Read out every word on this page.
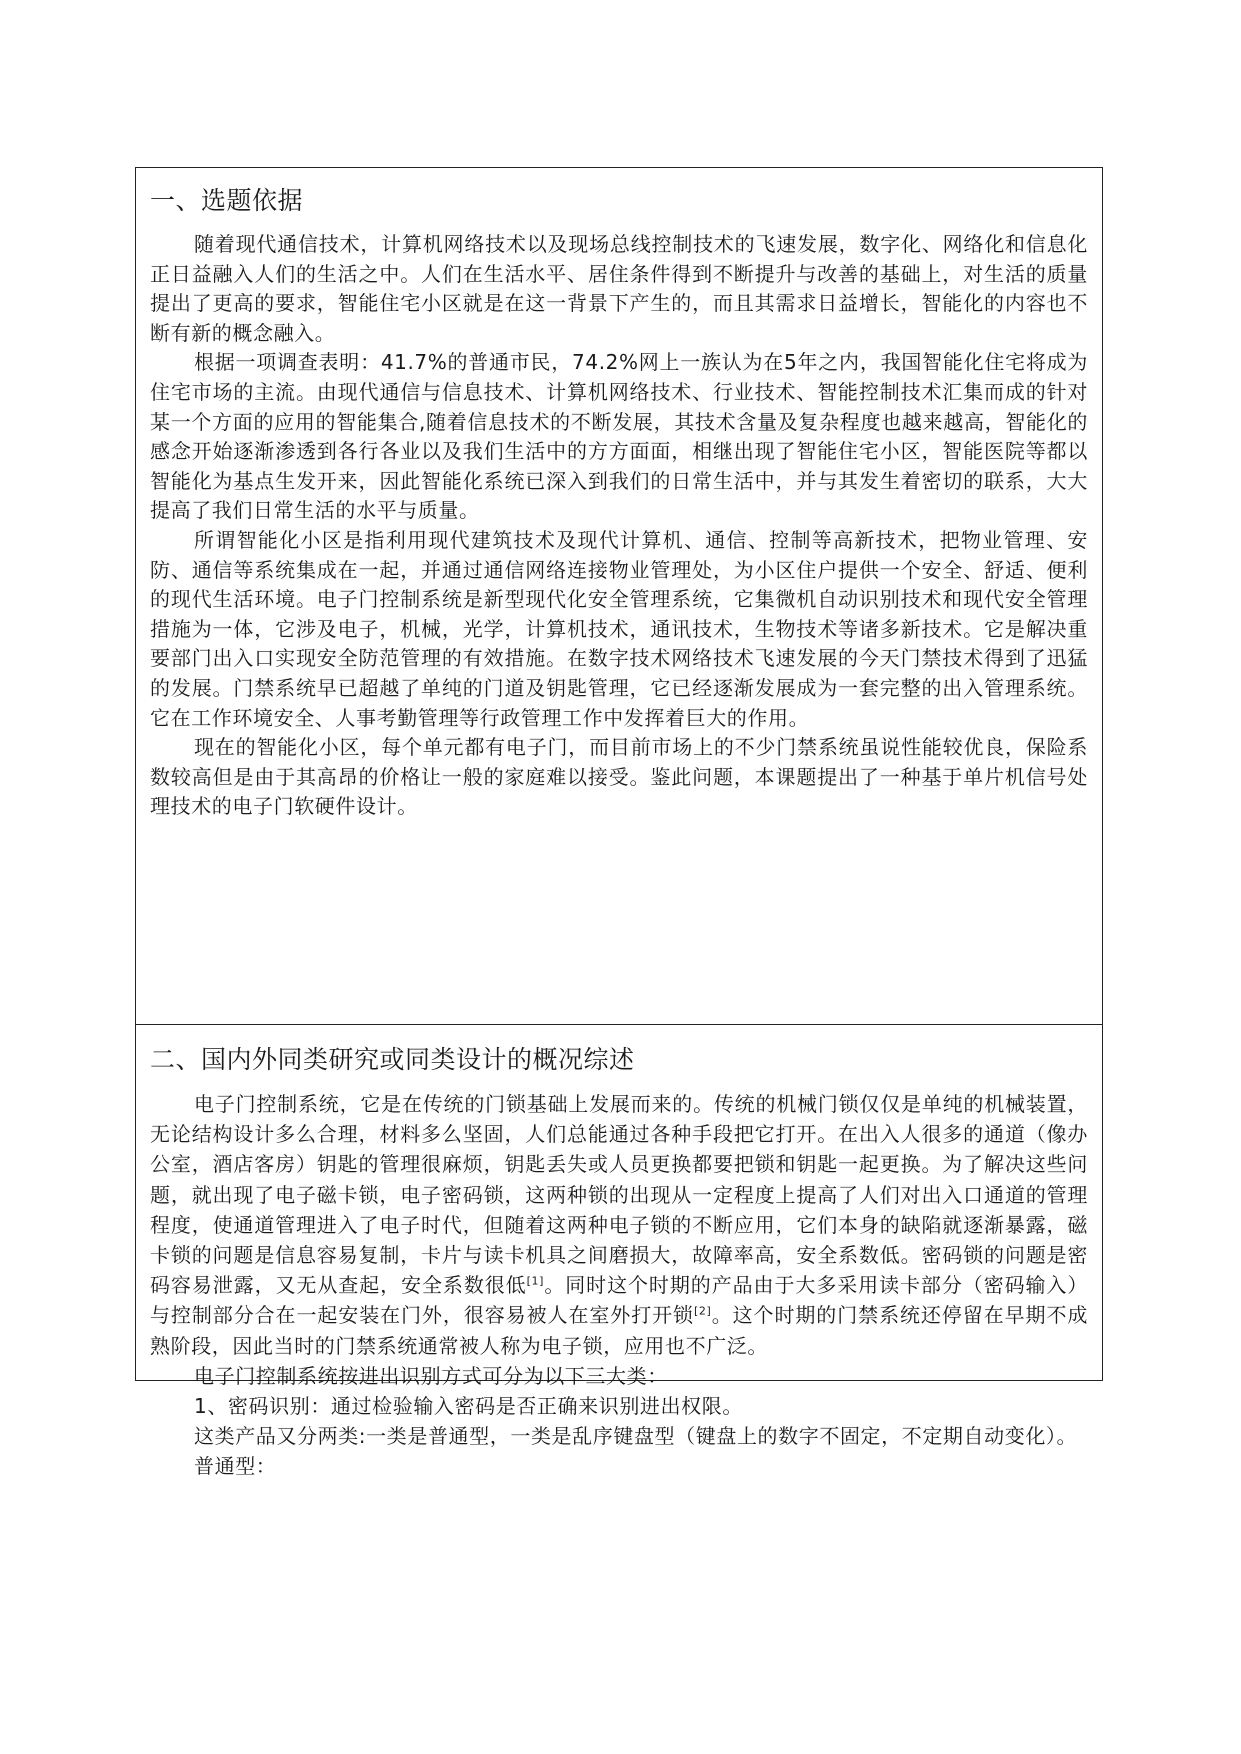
一、选题依据

随着现代通信技术，计算机网络技术以及现场总线控制技术的飞速发展，数字化、网络化和信息化正日益融入人们的生活之中。人们在生活水平、居住条件得到不断提升与改善的基础上，对生活的质量提出了更高的要求，智能住宅小区就是在这一背景下产生的，而且其需求日益增长，智能化的内容也不断有新的概念融入。

根据一项调查表明：41.7%的普通市民，74.2%网上一族认为在5年之内，我国智能化住宅将成为住宅市场的主流。由现代通信与信息技术、计算机网络技术、行业技术、智能控制技术汇集而成的针对某一个方面的应用的智能集合,随着信息技术的不断发展，其技术含量及复杂程度也越来越高，智能化的感念开始逐渐渗透到各行各业以及我们生活中的方方面面，相继出现了智能住宅小区，智能医院等都以智能化为基点生发开来，因此智能化系统已深入到我们的日常生活中，并与其发生着密切的联系，大大提高了我们日常生活的水平与质量。

所谓智能化小区是指利用现代建筑技术及现代计算机、通信、控制等高新技术，把物业管理、安防、通信等系统集成在一起，并通过通信网络连接物业管理处，为小区住户提供一个安全、舒适、便利的现代生活环境。电子门控制系统是新型现代化安全管理系统，它集微机自动识别技术和现代安全管理措施为一体，它涉及电子，机械，光学，计算机技术，通讯技术，生物技术等诸多新技术。它是解决重要部门出入口实现安全防范管理的有效措施。在数字技术网络技术飞速发展的今天门禁技术得到了迅猛的发展。门禁系统早已超越了单纯的门道及钥匙管理，它已经逐渐发展成为一套完整的出入管理系统。它在工作环境安全、人事考勤管理等行政管理工作中发挥着巨大的作用。

现在的智能化小区，每个单元都有电子门，而目前市场上的不少门禁系统虽说性能较优良，保险系数较高但是由于其高昂的价格让一般的家庭难以接受。鉴此问题，本课题提出了一种基于单片机信号处理技术的电子门软硬件设计。

二、国内外同类研究或同类设计的概况综述

电子门控制系统，它是在传统的门锁基础上发展而来的。传统的机械门锁仅仅是单纯的机械装置，无论结构设计多么合理，材料多么坚固，人们总能通过各种手段把它打开。在出入人很多的通道（像办公室，酒店客房）钥匙的管理很麻烦，钥匙丢失或人员更换都要把锁和钥匙一起更换。为了解决这些问题，就出现了电子磁卡锁，电子密码锁，这两种锁的出现从一定程度上提高了人们对出入口通道的管理程度，使通道管理进入了电子时代，但随着这两种电子锁的不断应用，它们本身的缺陷就逐渐暴露，磁卡锁的问题是信息容易复制，卡片与读卡机具之间磨损大，故障率高，安全系数低。密码锁的问题是密码容易泄露，又无从查起，安全系数很低[1]。同时这个时期的产品由于大多采用读卡部分（密码输入）与控制部分合在一起安装在门外，很容易被人在室外打开锁[2]。这个时期的门禁系统还停留在早期不成熟阶段，因此当时的门禁系统通常被人称为电子锁，应用也不广泛。

电子门控制系统按进出识别方式可分为以下三大类：

1、密码识别：通过检验输入密码是否正确来识别进出权限。

这类产品又分两类:一类是普通型，一类是乱序键盘型（键盘上的数字不固定，不定期自动变化）。

普通型：
